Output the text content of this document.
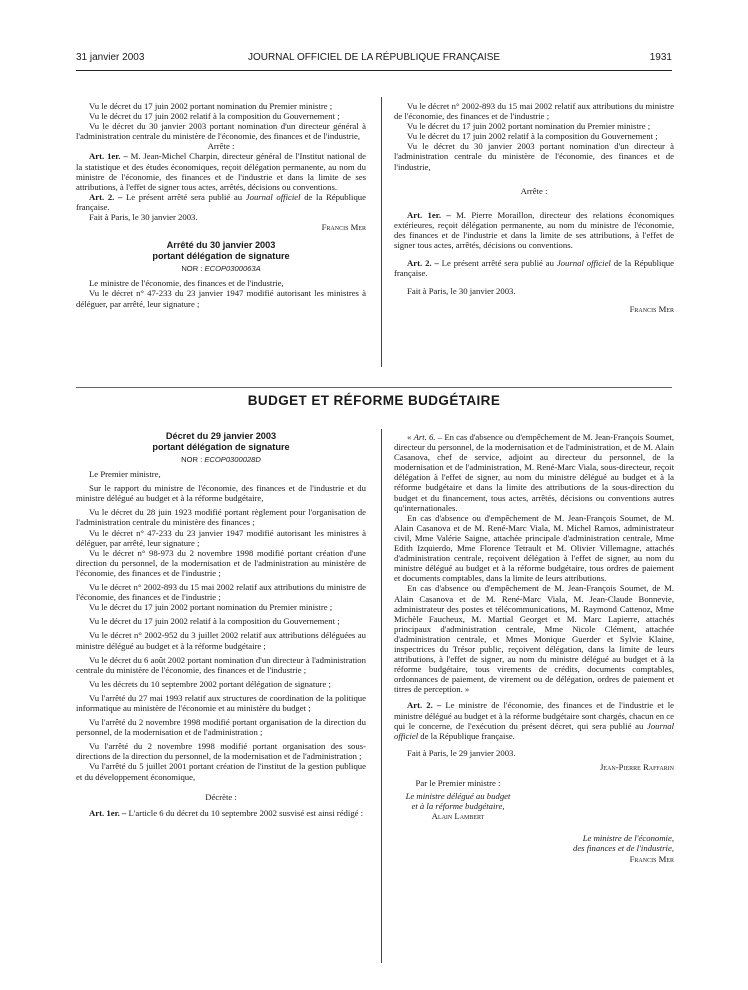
31 janvier 2003	JOURNAL OFFICIEL DE LA RÉPUBLIQUE FRANÇAISE	1931

Vu le décret du 17 juin 2002 portant nomination du Premier ministre ;

Vu le décret du 17 juin 2002 relatif à la composition du Gouvernement ;

Vu le décret du 30 janvier 2003 portant nomination d'un directeur général à l'administration centrale du ministère de l'économie, des finances et de l'industrie,

Arrête :

Art. 1er. – M. Jean-Michel Charpin, directeur général de l'Institut national de la statistique et des études économiques, reçoit délégation permanente, au nom du ministre de l'économie, des finances et de l'industrie et dans la limite de ses attributions, à l'effet de signer tous actes, arrêtés, décisions ou conventions.

Art. 2. – Le présent arrêté sera publié au Journal officiel de la République française.

Fait à Paris, le 30 janvier 2003.

Francis Mer

Arrêté du 30 janvier 2003

portant délégation de signature

NOR : ECOP0300063A

Le ministre de l'économie, des finances et de l'industrie,

Vu le décret n° 47-233 du 23 janvier 1947 modifié autorisant les ministres à déléguer, par arrêté, leur signature ;

Vu le décret n° 2002-893 du 15 mai 2002 relatif aux attributions du ministre de l'économie, des finances et de l'industrie ;

Vu le décret du 17 juin 2002 portant nomination du Premier ministre ;

Vu le décret du 17 juin 2002 relatif à la composition du Gouvernement ;

Vu le décret du 30 janvier 2003 portant nomination d'un directeur à l'administration centrale du ministère de l'économie, des finances et de l'industrie,

Arrête :

Art. 1er. – M. Pierre Moraillon, directeur des relations économiques extérieures, reçoit délégation permanente, au nom du ministre de l'économie, des finances et de l'industrie et dans la limite de ses attributions, à l'effet de signer tous actes, arrêtés, décisions ou conventions.

Art. 2. – Le présent arrêté sera publié au Journal officiel de la République française.

Fait à Paris, le 30 janvier 2003.

Francis Mer

BUDGET ET RÉFORME BUDGÉTAIRE

Décret du 29 janvier 2003

portant délégation de signature

NOR : ECOP0300028D

Le Premier ministre,

Sur le rapport du ministre de l'économie, des finances et de l'industrie et du ministre délégué au budget et à la réforme budgétaire,

Vu le décret du 28 juin 1923 modifié portant règlement pour l'organisation de l'administration centrale du ministère des finances ;

Vu le décret n° 47-233 du 23 janvier 1947 modifié autorisant les ministres à déléguer, par arrêté, leur signature ;

Vu le décret n° 98-973 du 2 novembre 1998 modifié portant création d'une direction du personnel, de la modernisation et de l'administration au ministère de l'économie, des finances et de l'industrie ;

Vu le décret n° 2002-893 du 15 mai 2002 relatif aux attributions du ministre de l'économie, des finances et de l'industrie ;

Vu le décret du 17 juin 2002 portant nomination du Premier ministre ;

Vu le décret du 17 juin 2002 relatif à la composition du Gouvernement ;

Vu le décret n° 2002-952 du 3 juillet 2002 relatif aux attributions déléguées au ministre délégué au budget et à la réforme budgétaire ;

Vu le décret du 6 août 2002 portant nomination d'un directeur à l'administration centrale du ministère de l'économie, des finances et de l'industrie ;

Vu les décrets du 10 septembre 2002 portant délégation de signature ;

Vu l'arrêté du 27 mai 1993 relatif aux structures de coordination de la politique informatique au ministère de l'économie et au ministère du budget ;

Vu l'arrêté du 2 novembre 1998 modifié portant organisation de la direction du personnel, de la modernisation et de l'administration ;

Vu l'arrêté du 2 novembre 1998 modifié portant organisation des sous-directions de la direction du personnel, de la modernisation et de l'administration ;

Vu l'arrêté du 5 juillet 2001 portant création de l'institut de la gestion publique et du développement économique,

Décrète :

Art. 1er. – L'article 6 du décret du 10 septembre 2002 susvisé est ainsi rédigé :

« Art. 6. – En cas d'absence ou d'empêchement de M. Jean-François Soumet, directeur du personnel, de la modernisation et de l'administration, et de M. Alain Casanova, chef de service, adjoint au directeur du personnel, de la modernisation et de l'administration, M. René-Marc Viala, sous-directeur, reçoit délégation à l'effet de signer, au nom du ministre délégué au budget et à la réforme budgétaire et dans la limite des attributions de la sous-direction du budget et du financement, tous actes, arrêtés, décisions ou conventions autres qu'internationales.

En cas d'absence ou d'empêchement de M. Jean-François Soumet, de M. Alain Casanova et de M. René-Marc Viala, M. Michel Ramos, administrateur civil, Mme Valérie Saigne, attachée principale d'administration centrale, Mme Edith Izquierdo, Mme Florence Tetrault et M. Olivier Villemagne, attachés d'administration centrale, reçoivent délégation à l'effet de signer, au nom du ministre délégué au budget et à la réforme budgétaire, tous ordres de paiement et documents comptables, dans la limite de leurs attributions.

En cas d'absence ou d'empêchement de M. Jean-François Soumet, de M. Alain Casanova et de M. René-Marc Viala, M. Jean-Claude Bonnevie, administrateur des postes et télécommunications, M. Raymond Cattenoz, Mme Michèle Faucheux, M. Martial Georget et M. Marc Lapierre, attachés principaux d'administration centrale, Mme Nicole Clément, attachée d'administration centrale, et Mmes Monique Guerder et Sylvie Klaine, inspectrices du Trésor public, reçoivent délégation, dans la limite de leurs attributions, à l'effet de signer, au nom du ministre délégué au budget et à la réforme budgétaire, tous virements de crédits, documents comptables, ordonnances de paiement, de virement ou de délégation, ordres de paiement et titres de perception. »

Art. 2. – Le ministre de l'économie, des finances et de l'industrie et le ministre délégué au budget et à la réforme budgétaire sont chargés, chacun en ce qui le concerne, de l'exécution du présent décret, qui sera publié au Journal officiel de la République française.

Fait à Paris, le 29 janvier 2003.

Jean-Pierre Raffarin

Par le Premier ministre :

Le ministre délégué au budget

et à la réforme budgétaire,

Alain Lambert

Le ministre de l'économie,

des finances et de l'industrie,

Francis Mer
